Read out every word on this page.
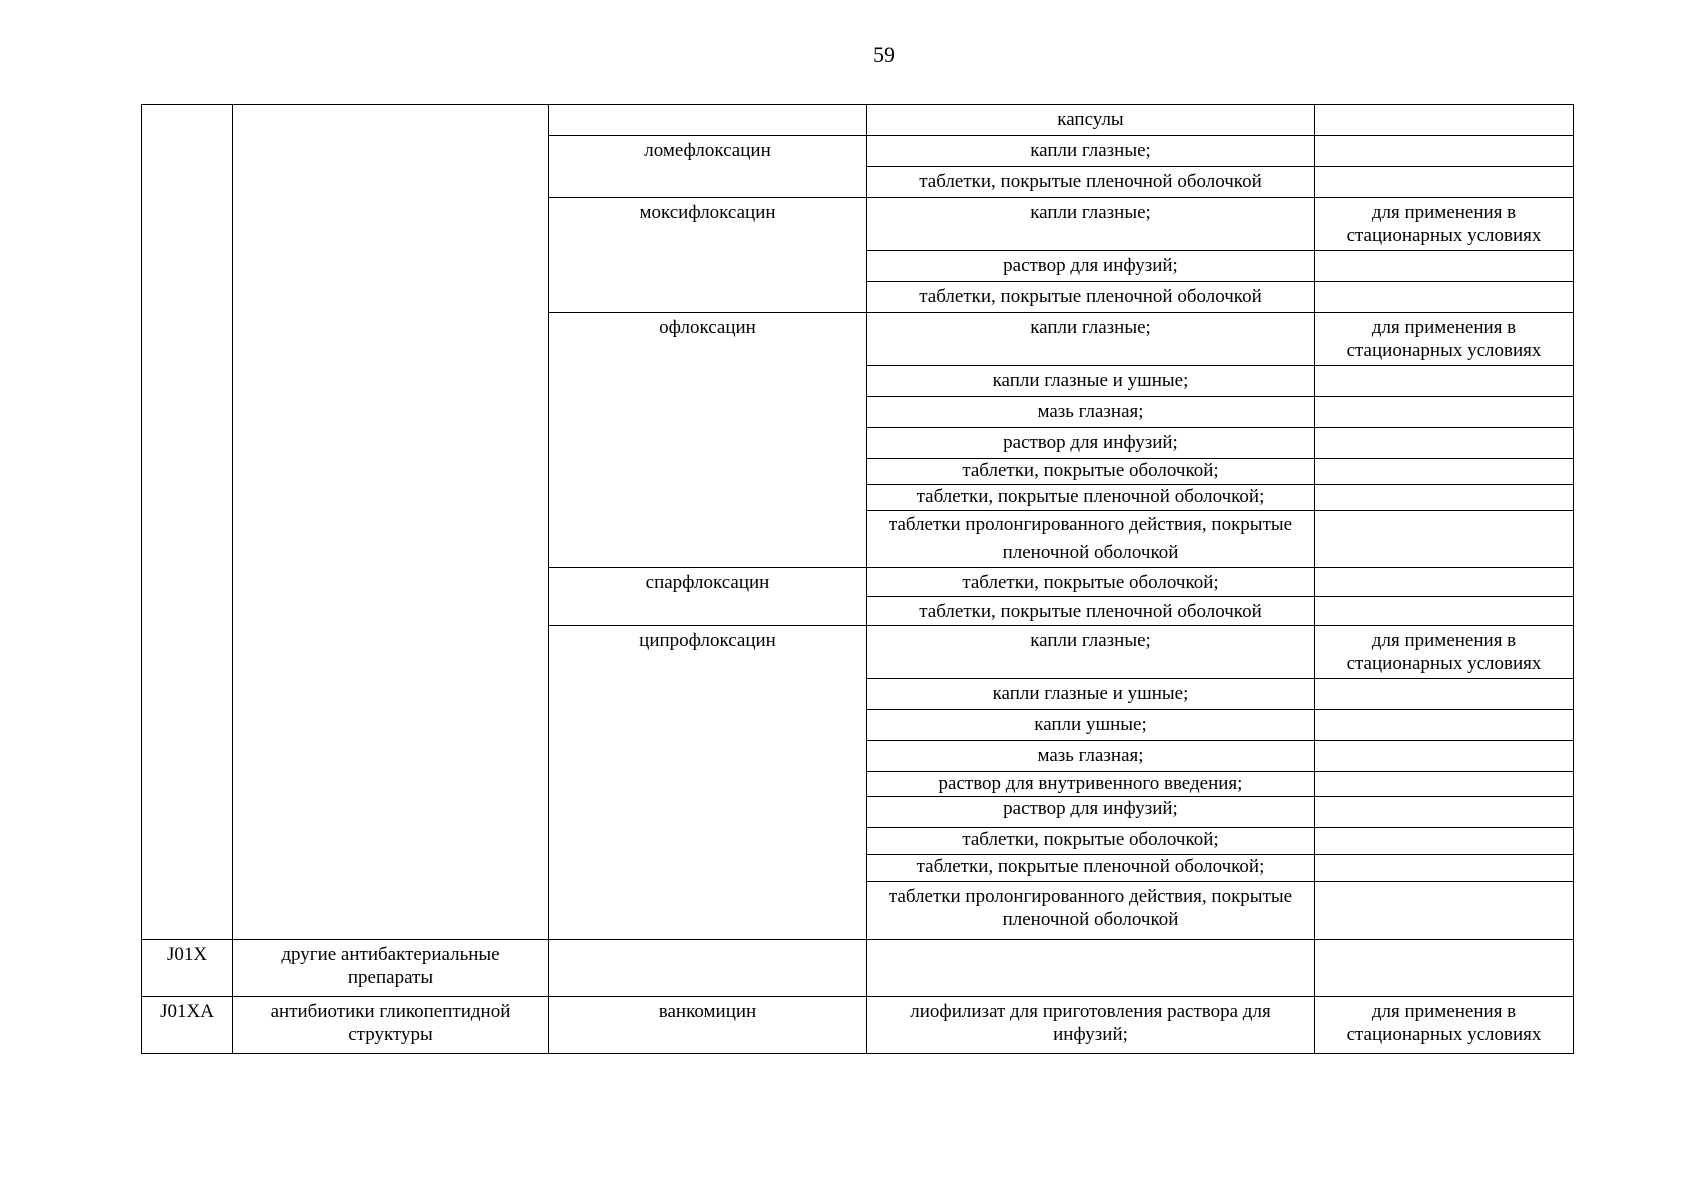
59
			капсулы	
		ломефлоксацин	капли глазные;	
			таблетки, покрытые пленочной оболочкой	
		моксифлоксацин	капли глазные;	для применения в стационарных условиях
			раствор для инфузий;	
			таблетки, покрытые пленочной оболочкой	
		офлоксацин	капли глазные;	для применения в стационарных условиях
			капли глазные и ушные;	
			мазь глазная;	
			раствор для инфузий;	
			таблетки, покрытые оболочкой;	
			таблетки, покрытые пленочной оболочкой;	
			таблетки пролонгированного действия, покрытые пленочной оболочкой	
		спарфлоксацин	таблетки, покрытые оболочкой;	
			таблетки, покрытые пленочной оболочкой	
		ципрофлоксацин	капли глазные;	для применения в стационарных условиях
			капли глазные и ушные;	
			капли ушные;	
			мазь глазная;	
			раствор для внутривенного введения;	
			раствор для инфузий;	
			таблетки, покрытые оболочкой;	
			таблетки, покрытые пленочной оболочкой;	
			таблетки пролонгированного действия, покрытые пленочной оболочкой	
J01X	другие антибактериальные препараты			
J01XA	антибиотики гликопептидной структуры	ванкомицин	лиофилизат для приготовления раствора для инфузий;	для применения в стационарных условиях
